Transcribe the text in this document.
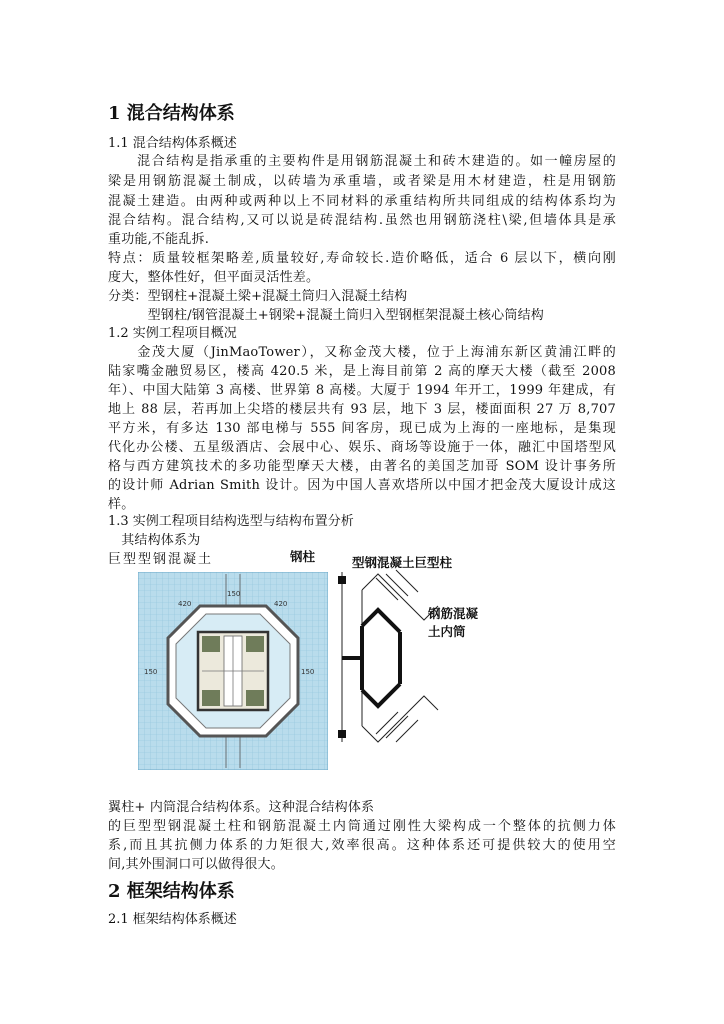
1 混合结构体系
1.1 混合结构体系概述
　　混合结构是指承重的主要构件是用钢筋混凝土和砖木建造的。如一幢房屋的
梁是用钢筋混凝土制成，以砖墙为承重墙，或者梁是用木材建造，柱是用钢筋
混凝土建造。由两种或两种以上不同材料的承重结构所共同组成的结构体系均为
混合结构。混合结构,又可以说是砖混结构.虽然也用钢筋浇柱\梁,但墙体具是承
重功能,不能乱拆.
特点：质量较框架略差,质量较好,寿命较长.造价略低，适合 6 层以下，横向刚
度大，整体性好，但平面灵活性差。
分类：型钢柱+混凝土梁+混凝土筒归入混凝土结构
　　　型钢柱/钢管混凝土+钢梁+混凝土筒归入型钢框架混凝土核心筒结构
1.2 实例工程项目概况
　　金茂大厦（JinMaoTower），又称金茂大楼，位于上海浦东新区黄浦江畔的
陆家嘴金融贸易区，楼高 420.5 米，是上海目前第 2 高的摩天大楼（截至 2008
年）、中国大陆第 3 高楼、世界第 8 高楼。大厦于 1994 年开工，1999 年建成，有
地上 88 层，若再加上尖塔的楼层共有 93 层，地下 3 层，楼面面积 27 万 8,707
平方米，有多达 130 部电梯与 555 间客房，现已成为上海的一座地标，是集现
代化办公楼、五星级酒店、会展中心、娱乐、商场等设施于一体，融汇中国塔型风
格与西方建筑技术的多功能型摩天大楼，由著名的美国芝加哥 SOM 设计事务所
的设计师 Adrian Smith 设计。因为中国人喜欢塔所以中国才把金茂大厦设计成这
样。
1.3 实例工程项目结构选型与结构布置分析
　其结构体系为
巨型型钢混凝土
420
150
420
150	150
钢柱	型钢混凝土巨型柱
钢筋混凝
土内筒
翼柱+ 内筒混合结构体系。这种混合结构体系
的巨型型钢混凝土柱和钢筋混凝土内筒通过刚性大梁构成一个整体的抗侧力体
系,而且其抗侧力体系的力矩很大,效率很高。这种体系还可提供较大的使用空
间,其外围洞口可以做得很大。
2 框架结构体系
2.1 框架结构体系概述
